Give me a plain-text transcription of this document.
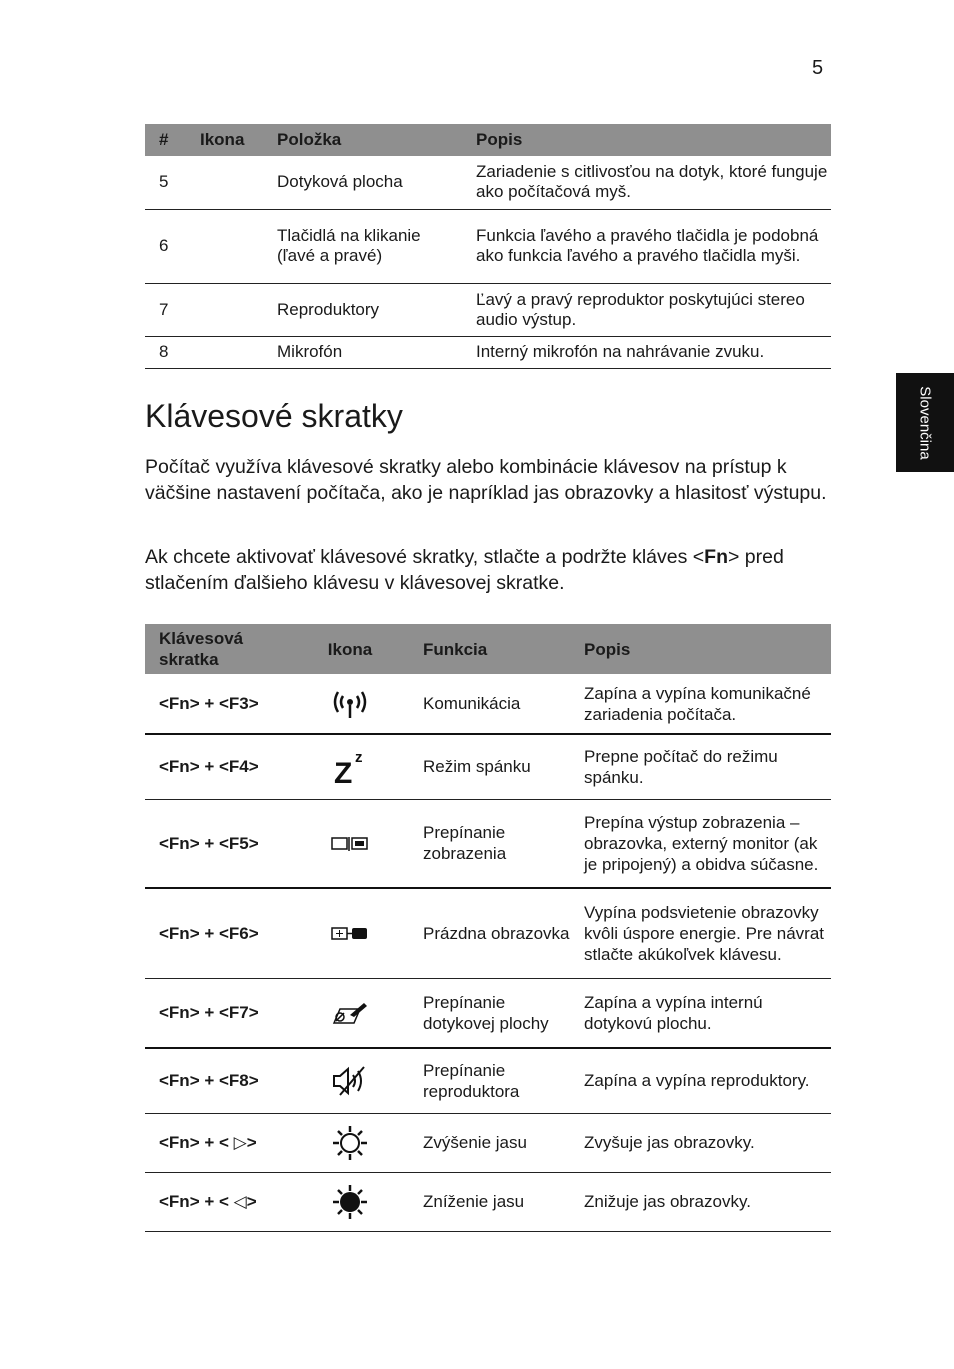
5
Slovenčina
#	Ikona	Položka	Popis
5		Dotyková plocha	Zariadenie s citlivosťou na dotyk, ktoré funguje ako počítačová myš.
6		Tlačidlá na klikanie (ľavé a pravé)	Funkcia ľavého a pravého tlačidla je podobná ako funkcia ľavého a pravého tlačidla myši.
7		Reproduktory	Ľavý a pravý reproduktor poskytujúci stereo audio výstup.
8		Mikrofón	Interný mikrofón na nahrávanie zvuku.
Klávesové skratky

Počítač využíva klávesové skratky alebo kombinácie klávesov na prístup k väčšine nastavení počítača, ako je napríklad jas obrazovky a hlasitosť výstupu.

Ak chcete aktivovať klávesové skratky, stlačte a podržte kláves <Fn> pred stlačením ďalšieho klávesu v klávesovej skratke.

Klávesová skratka	Ikona	Funkcia	Popis
<Fn> + <F3>		Komunikácia	Zapína a vypína komunikačné zariadenia počítača.
<Fn> + <F4>	Z z	Režim spánku	Prepne počítač do režimu spánku.
<Fn> + <F5>		Prepínanie zobrazenia	Prepína výstup zobrazenia – obrazovka, externý monitor (ak je pripojený) a obidva súčasne.
<Fn> + <F6>		Prázdna obrazovka	Vypína podsvietenie obrazovky kvôli úspore energie. Pre návrat stlačte akúkoľvek klávesu.
<Fn> + <F7>		Prepínanie dotykovej plochy	Zapína a vypína internú dotykovú plochu.
<Fn> + <F8>		Prepínanie reproduktora	Zapína a vypína reproduktory.
<Fn> + < ▷>		Zvýšenie jasu	Zvyšuje jas obrazovky.
<Fn> + < ◁>		Zníženie jasu	Znižuje jas obrazovky.
